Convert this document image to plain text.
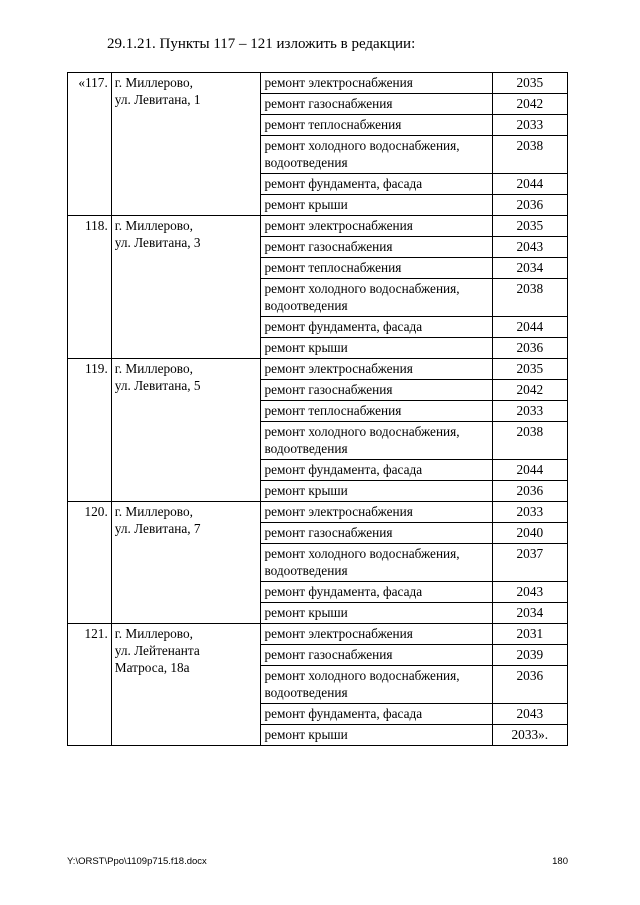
29.1.21. Пункты 117 – 121 изложить в редакции:
«117.	г. Миллерово,
ул. Левитана, 1	ремонт электроснабжения	2035
		ремонт газоснабжения	2042
		ремонт теплоснабжения	2033
		ремонт холодного водоснабжения, водоотведения	2038
		ремонт фундамента, фасада	2044
		ремонт крыши	2036
118.	г. Миллерово,
ул. Левитана, 3	ремонт электроснабжения	2035
		ремонт газоснабжения	2043
		ремонт теплоснабжения	2034
		ремонт холодного водоснабжения, водоотведения	2038
		ремонт фундамента, фасада	2044
		ремонт крыши	2036
119.	г. Миллерово,
ул. Левитана, 5	ремонт электроснабжения	2035
		ремонт газоснабжения	2042
		ремонт теплоснабжения	2033
		ремонт холодного водоснабжения, водоотведения	2038
		ремонт фундамента, фасада	2044
		ремонт крыши	2036
120.	г. Миллерово,
ул. Левитана, 7	ремонт электроснабжения	2033
		ремонт газоснабжения	2040
		ремонт холодного водоснабжения, водоотведения	2037
		ремонт фундамента, фасада	2043
		ремонт крыши	2034
121.	г. Миллерово,
ул. Лейтенанта
Матроса, 18а	ремонт электроснабжения	2031
		ремонт газоснабжения	2039
		ремонт холодного водоснабжения, водоотведения	2036
		ремонт фундамента, фасада	2043
		ремонт крыши	2033».
Y:\ORST\Ppo\1109p715.f18.docx	180
